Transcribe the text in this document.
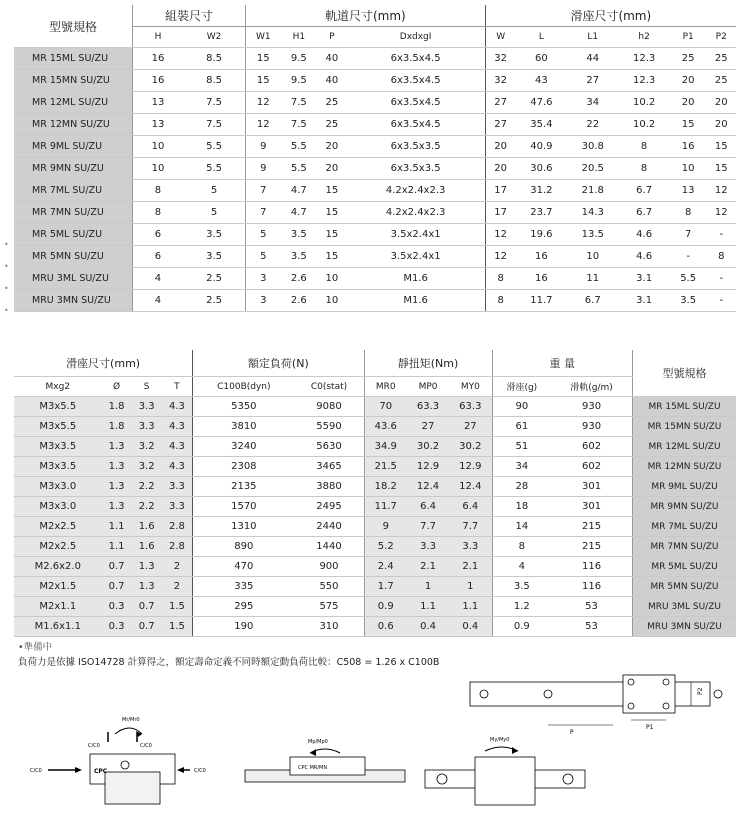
型號規格	組裝尺寸		軌道尺寸(mm)				滑座尺寸(mm)					
	H	W2	W1	H1	P	DxdxgI	W	L	L1	h2	P1	P2
MR 15ML SU/ZU	16	8.5	15	9.5	40	6x3.5x4.5	32	60	44	12.3	25	25
MR 15MN SU/ZU	16	8.5	15	9.5	40	6x3.5x4.5	32	43	27	12.3	20	25
MR 12ML SU/ZU	13	7.5	12	7.5	25	6x3.5x4.5	27	47.6	34	10.2	20	20
MR 12MN SU/ZU	13	7.5	12	7.5	25	6x3.5x4.5	27	35.4	22	10.2	15	20
MR 9ML SU/ZU	10	5.5	9	5.5	20	6x3.5x3.5	20	40.9	30.8	8	16	15
MR 9MN SU/ZU	10	5.5	9	5.5	20	6x3.5x3.5	20	30.6	20.5	8	10	15
MR 7ML SU/ZU	8	5	7	4.7	15	4.2x2.4x2.3	17	31.2	21.8	6.7	13	12
MR 7MN SU/ZU	8	5	7	4.7	15	4.2x2.4x2.3	17	23.7	14.3	6.7	8	12
MR 5ML SU/ZU	6	3.5	5	3.5	15	3.5x2.4x1	12	19.6	13.5	4.6	7	-
MR 5MN SU/ZU	6	3.5	5	3.5	15	3.5x2.4x1	12	16	10	4.6	-	8
MRU 3ML SU/ZU	4	2.5	3	2.6	10	M1.6	8	16	11	3.1	5.5	-
MRU 3MN SU/ZU	4	2.5	3	2.6	10	M1.6	8	11.7	6.7	3.1	3.5	-
•
•
•
•
滑座尺寸(mm)				額定負荷(N)		靜扭矩(Nm)			重 量		型號規格
Mxg2	Ø	S	T	C100B(dyn)	C0(stat)	MR0	MP0	MY0	滑座(g)	滑軌(g/m)	
M3x5.5	1.8	3.3	4.3	5350	9080	70	63.3	63.3	90	930	MR 15ML SU/ZU
M3x5.5	1.8	3.3	4.3	3810	5590	43.6	27	27	61	930	MR 15MN SU/ZU
M3x3.5	1.3	3.2	4.3	3240	5630	34.9	30.2	30.2	51	602	MR 12ML SU/ZU
M3x3.5	1.3	3.2	4.3	2308	3465	21.5	12.9	12.9	34	602	MR 12MN SU/ZU
M3x3.0	1.3	2.2	3.3	2135	3880	18.2	12.4	12.4	28	301	MR 9ML SU/ZU
M3x3.0	1.3	2.2	3.3	1570	2495	11.7	6.4	6.4	18	301	MR 9MN SU/ZU
M2x2.5	1.1	1.6	2.8	1310	2440	9	7.7	7.7	14	215	MR 7ML SU/ZU
M2x2.5	1.1	1.6	2.8	890	1440	5.2	3.3	3.3	8	215	MR 7MN SU/ZU
M2.6x2.0	0.7	1.3	2	470	900	2.4	2.1	2.1	4	116	MR 5ML SU/ZU
M2x1.5	0.7	1.3	2	335	550	1.7	1	1	3.5	116	MR 5MN SU/ZU
M2x1.1	0.3	0.7	1.5	295	575	0.9	1.1	1.1	1.2	53	MRU 3ML SU/ZU
M1.6x1.1	0.3	0.7	1.5	190	310	0.6	0.4	0.4	0.9	53	MRU 3MN SU/ZU
•準備中
負荷力是依據 ISO14728 計算得之，額定壽命定義不同時額定動負荷比較：C508 = 1.26 x C100B
Mr/Mr0
C/C0	C/C0
CPC
C/C0	C/C0
Mp/Mp0
CPC MR/MN
My/My0
P
P1
P2
